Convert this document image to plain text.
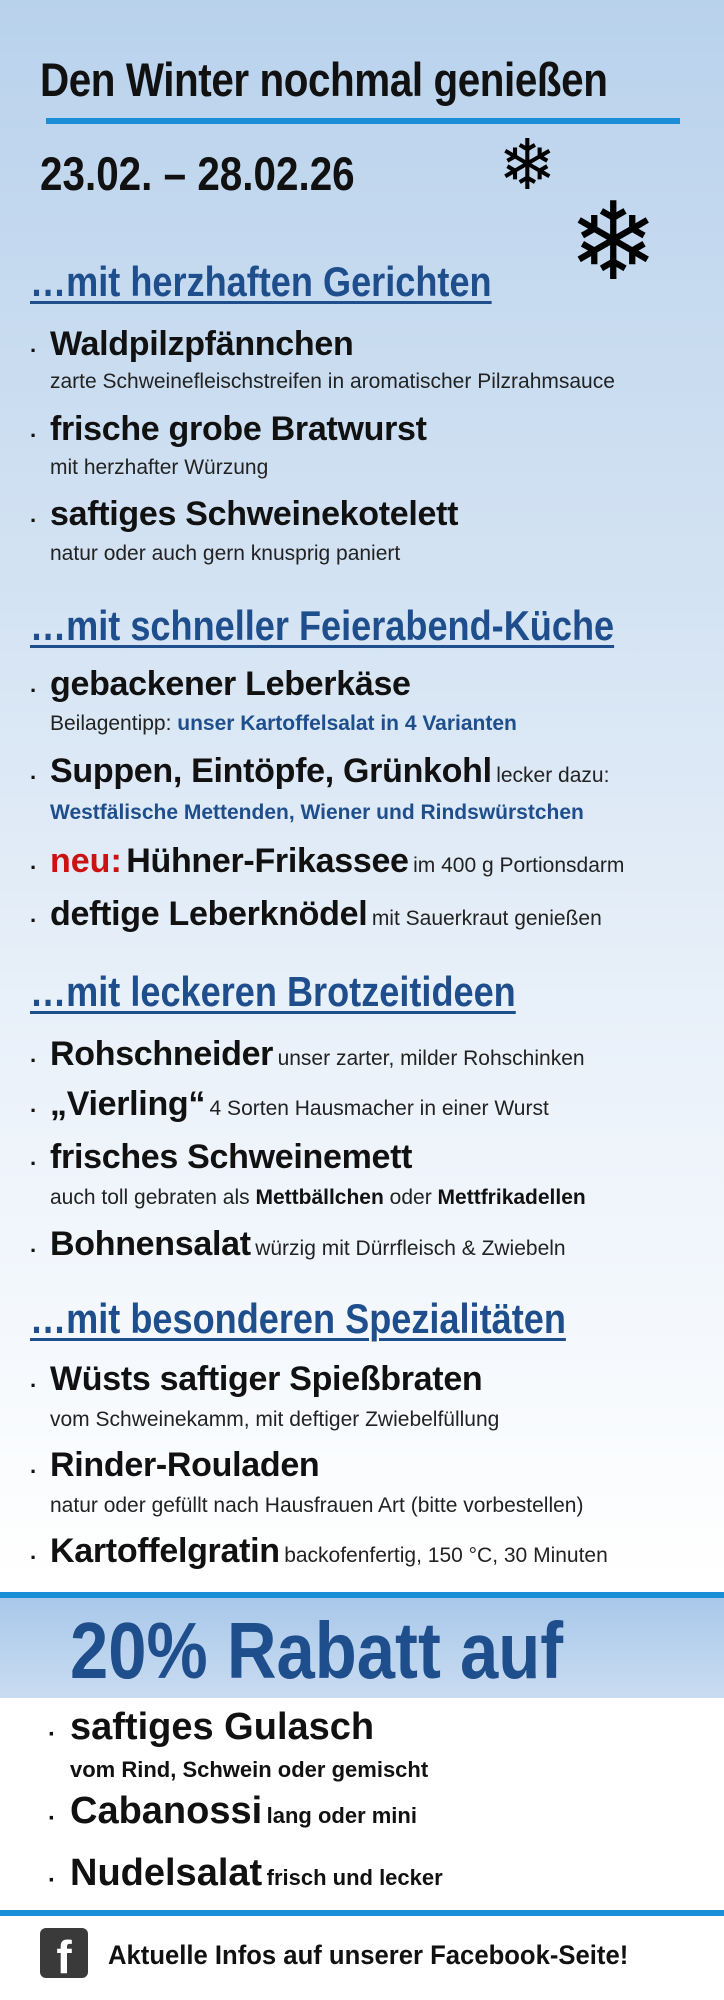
Den Winter nochmal genießen
23.02. – 28.02.26 ❄
❄
…mit herzhaften Gerichten
· Waldpilzpfännchen
zarte Schweinefleischstreifen in aromatischer Pilzrahmsauce
· frische grobe Bratwurst
mit herzhafter Würzung
· saftiges Schweinekotelett
natur oder auch gern knusprig paniert
…mit schneller Feierabend-Küche
· gebackener Leberkäse
Beilagentipp: unser Kartoffelsalat in 4 Varianten
· Suppen, Eintöpfe, Grünkohl lecker dazu:
Westfälische Mettenden, Wiener und Rindswürstchen
· neu: Hühner-Frikassee im 400 g Portionsdarm
· deftige Leberknödel mit Sauerkraut genießen
…mit leckeren Brotzeitideen
· Rohschneider unser zarter, milder Rohschinken
· „Vierling“ 4 Sorten Hausmacher in einer Wurst
· frisches Schweinemett
auch toll gebraten als Mettbällchen oder Mettfrikadellen
· Bohnensalat würzig mit Dürrfleisch & Zwiebeln
…mit besonderen Spezialitäten
· Wüsts saftiger Spießbraten
vom Schweinekamm, mit deftiger Zwiebelfüllung
· Rinder-Rouladen
natur oder gefüllt nach Hausfrauen Art (bitte vorbestellen)
· Kartoffelgratin backofenfertig, 150 °C, 30 Minuten
20% Rabatt auf
· saftiges Gulasch
vom Rind, Schwein oder gemischt
· Cabanossi lang oder mini
· Nudelsalat frisch und lecker
f	Aktuelle Infos auf unserer Facebook-Seite!
